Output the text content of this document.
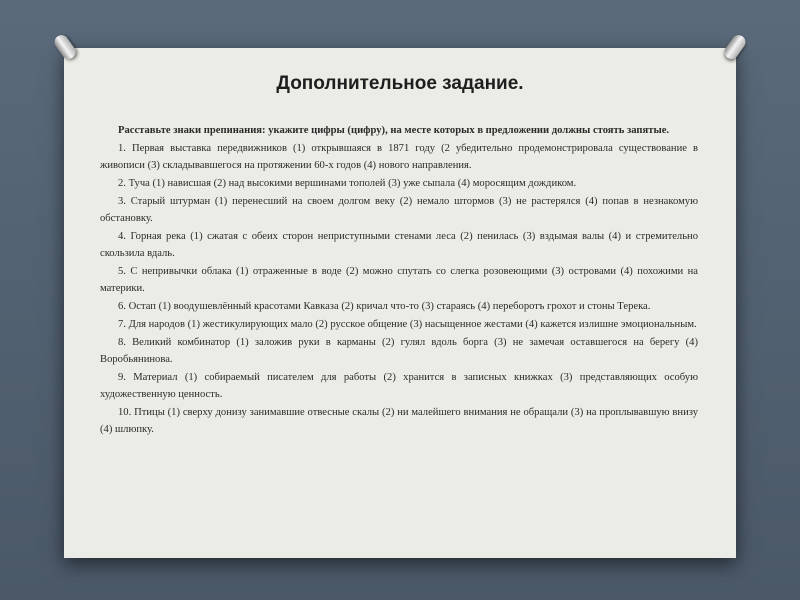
Дополнительное задание.

Расставьте знаки препинания: укажите цифры (цифру), на месте которых в предложении должны стоять запятые.

1. Первая выставка передвижников (1) открывшаяся в 1871 году (2 убедительно продемонстрировала существование в живописи (3) складывавшегося на протяжении 60-х годов (4) нового направления.

2. Туча (1) нависшая (2) над высокими вершинами тополей (3) уже сыпала (4) моросящим дождиком.

3. Старый штурман (1) перенесший на своем долгом веку (2) немало штормов (3) не растерялся (4) попав в незнакомую обстановку.

4. Горная река (1) сжатая с обеих сторон неприступными стенами леса (2) пенилась (3) вздымая валы (4) и стремительно скользила вдаль.

5. С непривычки облака (1) отраженные в воде (2) можно спутать со слегка розовеющими (3) островами (4) похожими на материки.

6. Остап (1) воодушевлённый красотами Кавказа (2) кричал что-то (3) стараясь (4) переборотъ грохот и стоны Терека.

7. Для народов (1) жестикулирующих мало (2) русское общение (3) насыщенное жестами (4) кажется излишне эмоциональным.

8. Великий комбинатор (1) заложив руки в карманы (2) гулял вдоль борга (3) не замечая оставшегося на берегу (4) Воробьянинова.

9. Материал (1) собираемый писателем для работы (2) хранится в записных книжках (3) представляющих особую художественную ценность.

10. Птицы (1) сверху донизу занимавшие отвесные скалы (2) ни малейшего внимания не обращали (3) на проплывавшую внизу (4) шлюпку.
